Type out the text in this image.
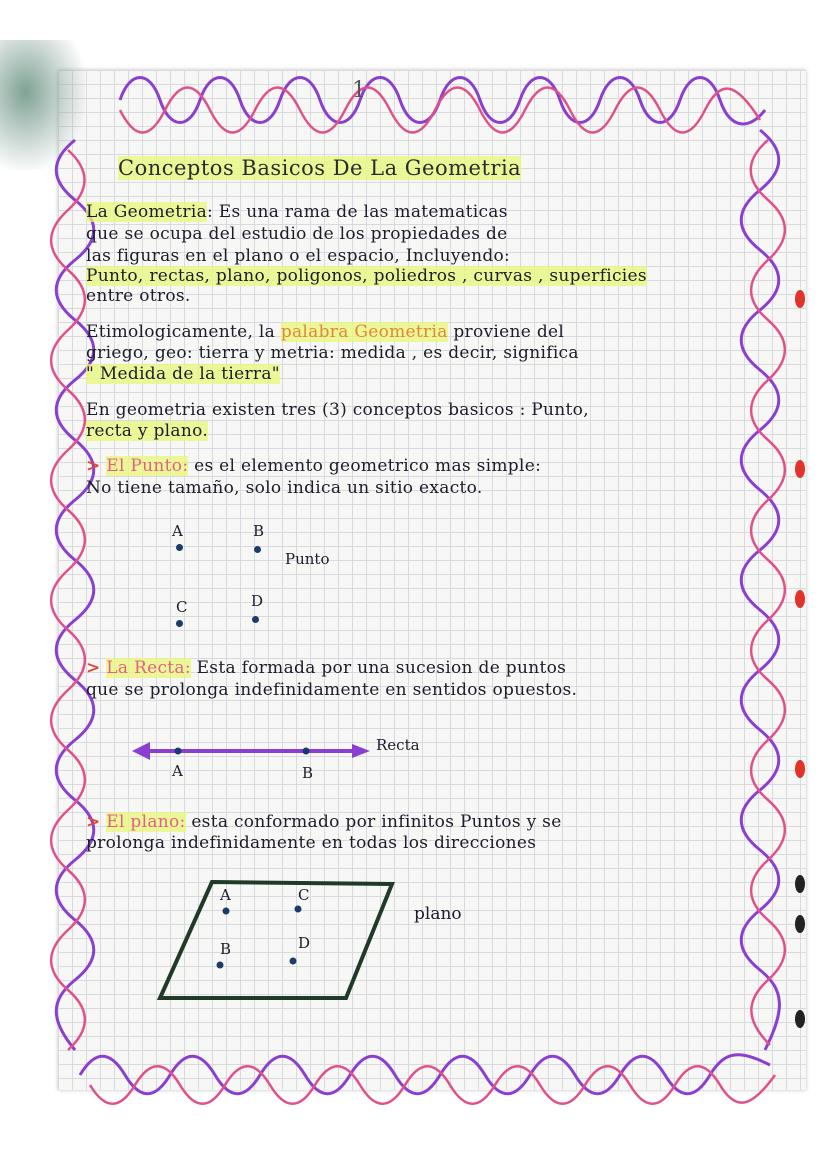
1
Conceptos Basicos De La Geometria
La Geometria: Es una rama de las matematicas
que se ocupa del estudio de los propiedades de
las figuras en el plano o el espacio, Incluyendo:
Punto, rectas, plano, poligonos, poliedros , curvas , superficies
entre otros.
Etimologicamente, la palabra Geometria proviene del
griego, geo: tierra y metria: medida , es decir, significa
" Medida de la tierra"
En geometria existen tres (3) conceptos basicos : Punto,
recta y plano.
> El Punto: es el elemento geometrico mas simple:
No tiene tamaño, solo indica un sitio exacto.
A	B
C	D
Punto
> La Recta: Esta formada por una sucesion de puntos
que se prolonga indefinidamente en sentidos opuestos.
A	B
Recta
> El plano: esta conformado por infinitos Puntos y se
prolonga indefinidamente en todas los direcciones
A	C
B	D
plano
